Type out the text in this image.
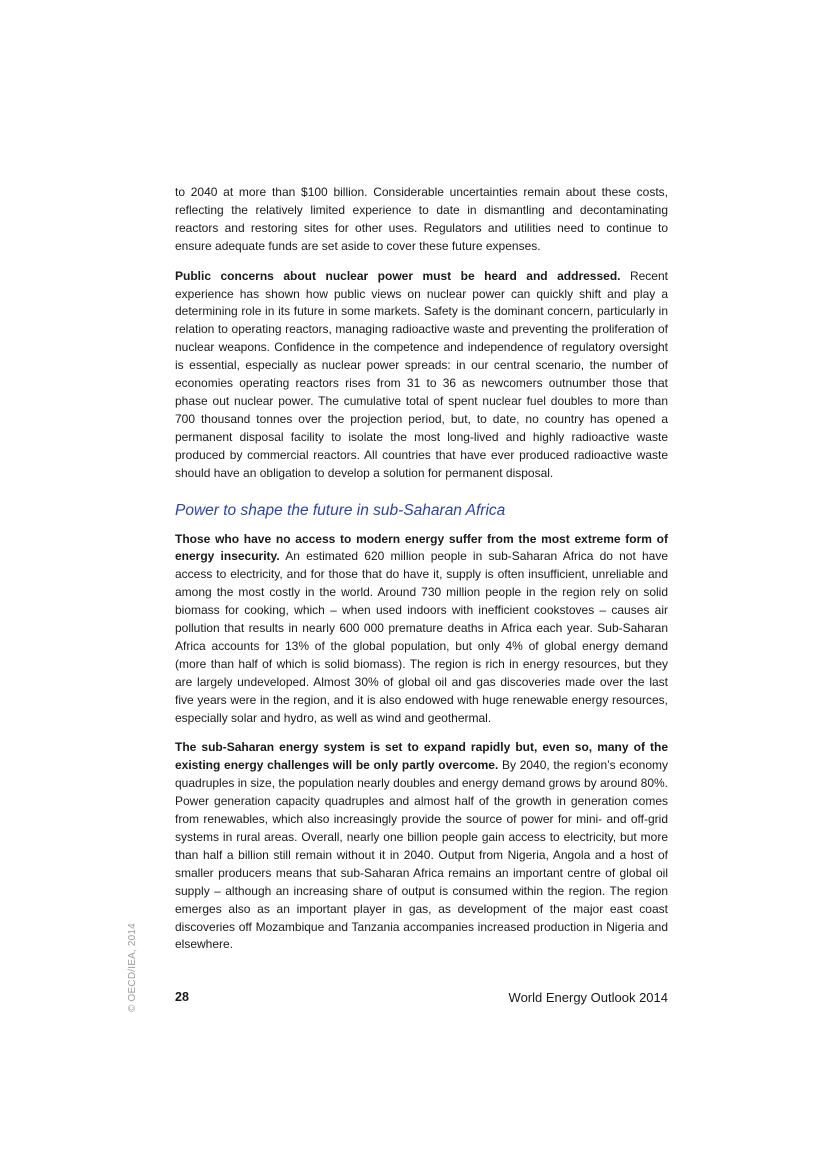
to 2040 at more than $100 billion. Considerable uncertainties remain about these costs, reflecting the relatively limited experience to date in dismantling and decontaminating reactors and restoring sites for other uses. Regulators and utilities need to continue to ensure adequate funds are set aside to cover these future expenses.

Public concerns about nuclear power must be heard and addressed. Recent experience has shown how public views on nuclear power can quickly shift and play a determining role in its future in some markets. Safety is the dominant concern, particularly in relation to operating reactors, managing radioactive waste and preventing the proliferation of nuclear weapons. Confidence in the competence and independence of regulatory oversight is essential, especially as nuclear power spreads: in our central scenario, the number of economies operating reactors rises from 31 to 36 as newcomers outnumber those that phase out nuclear power. The cumulative total of spent nuclear fuel doubles to more than 700 thousand tonnes over the projection period, but, to date, no country has opened a permanent disposal facility to isolate the most long-lived and highly radioactive waste produced by commercial reactors. All countries that have ever produced radioactive waste should have an obligation to develop a solution for permanent disposal.

Power to shape the future in sub-Saharan Africa

Those who have no access to modern energy suffer from the most extreme form of energy insecurity. An estimated 620 million people in sub-Saharan Africa do not have access to electricity, and for those that do have it, supply is often insufficient, unreliable and among the most costly in the world. Around 730 million people in the region rely on solid biomass for cooking, which – when used indoors with inefficient cookstoves – causes air pollution that results in nearly 600 000 premature deaths in Africa each year. Sub-Saharan Africa accounts for 13% of the global population, but only 4% of global energy demand (more than half of which is solid biomass). The region is rich in energy resources, but they are largely undeveloped. Almost 30% of global oil and gas discoveries made over the last five years were in the region, and it is also endowed with huge renewable energy resources, especially solar and hydro, as well as wind and geothermal.

The sub-Saharan energy system is set to expand rapidly but, even so, many of the existing energy challenges will be only partly overcome. By 2040, the region’s economy quadruples in size, the population nearly doubles and energy demand grows by around 80%. Power generation capacity quadruples and almost half of the growth in generation comes from renewables, which also increasingly provide the source of power for mini- and off-grid systems in rural areas. Overall, nearly one billion people gain access to electricity, but more than half a billion still remain without it in 2040. Output from Nigeria, Angola and a host of smaller producers means that sub-Saharan Africa remains an important centre of global oil supply – although an increasing share of output is consumed within the region. The region emerges also as an important player in gas, as development of the major east coast discoveries off Mozambique and Tanzania accompanies increased production in Nigeria and elsewhere.

28	World Energy Outlook 2014
© OECD/IEA, 2014
